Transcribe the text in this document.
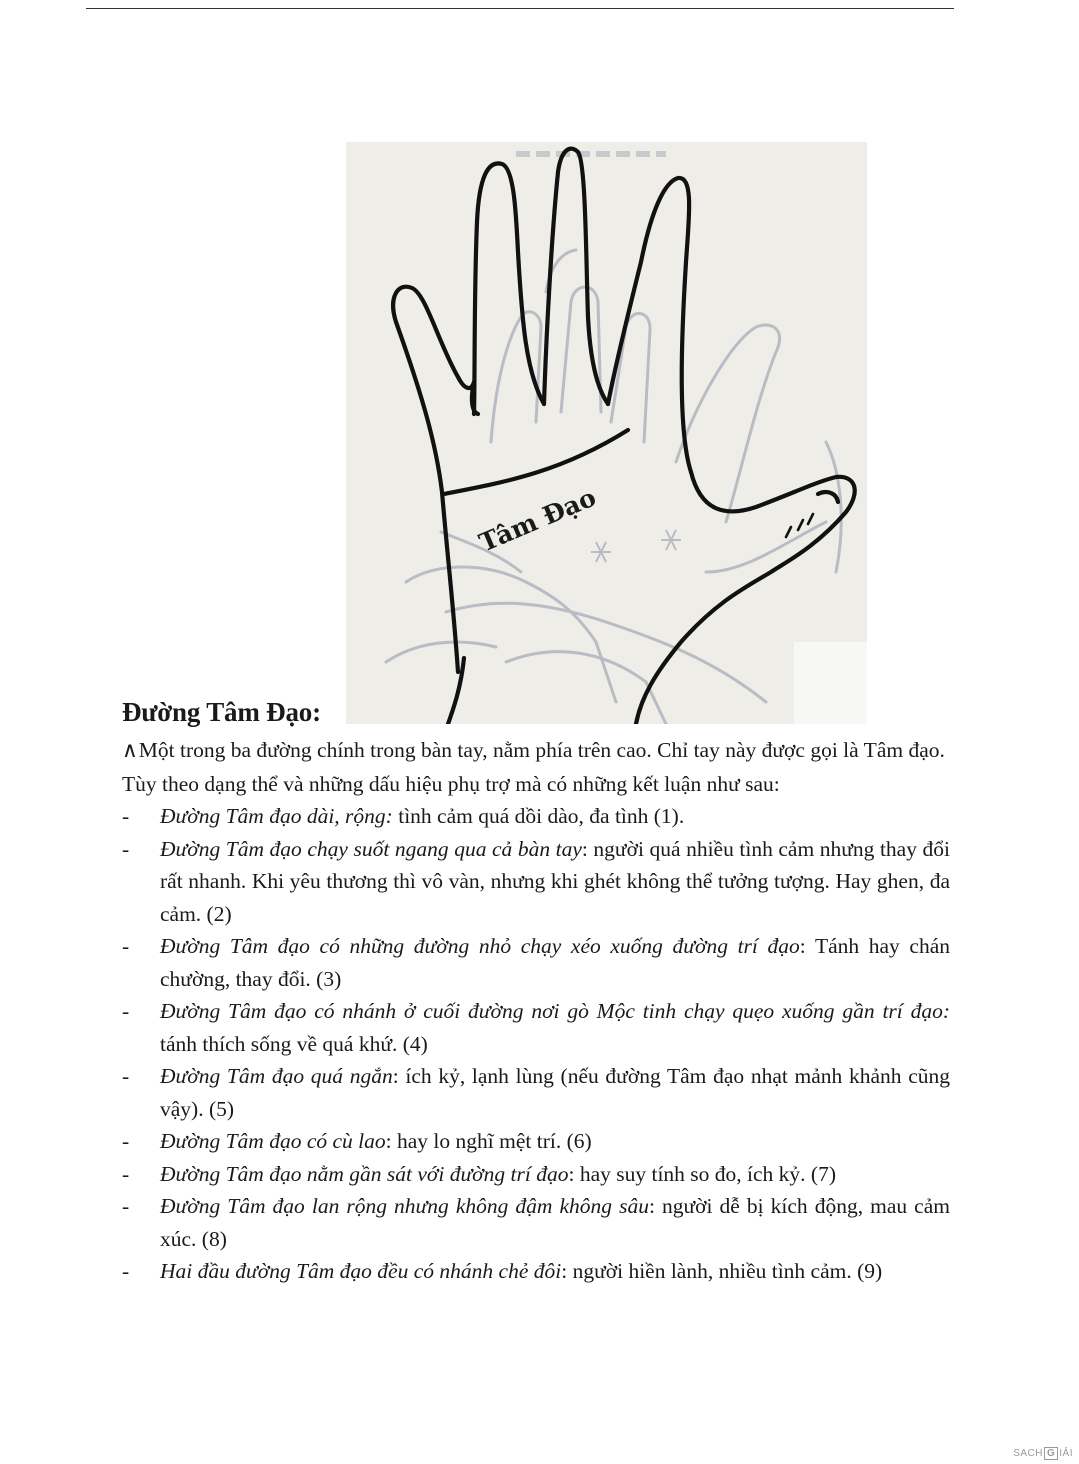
Tâm Đạo
Đường Tâm Đạo:

∧Một trong ba đường chính trong bàn tay, nằm phía trên cao. Chỉ tay này được gọi là Tâm đạo.

Tùy theo dạng thể và những dấu hiệu phụ trợ mà có những kết luận như sau:

- Đường Tâm đạo dài, rộng: tình cảm quá dồi dào, đa tình (1).
- Đường Tâm đạo chạy suốt ngang qua cả bàn tay: người quá nhiều tình cảm nhưng thay đổi rất nhanh. Khi yêu thương thì vô vàn, nhưng khi ghét không thể tưởng tượng. Hay ghen, đa cảm. (2)
- Đường Tâm đạo có những đường nhỏ chạy xéo xuống đường trí đạo: Tánh hay chán chường, thay đổi. (3)
- Đường Tâm đạo có nhánh ở cuối đường nơi gò Mộc tinh chạy quẹo xuống gần trí đạo: tánh thích sống về quá khứ. (4)
- Đường Tâm đạo quá ngắn: ích kỷ, lạnh lùng (nếu đường Tâm đạo nhạt mảnh khảnh cũng vậy). (5)
- Đường Tâm đạo có cù lao: hay lo nghĩ mệt trí. (6)
- Đường Tâm đạo nằm gần sát với đường trí đạo: hay suy tính so đo, ích kỷ. (7)
- Đường Tâm đạo lan rộng nhưng không đậm không sâu: người dễ bị kích động, mau cảm xúc. (8)
- Hai đầu đường Tâm đạo đều có nhánh chẻ đôi: người hiền lành, nhiều tình cảm. (9)
SACH G IẢI
